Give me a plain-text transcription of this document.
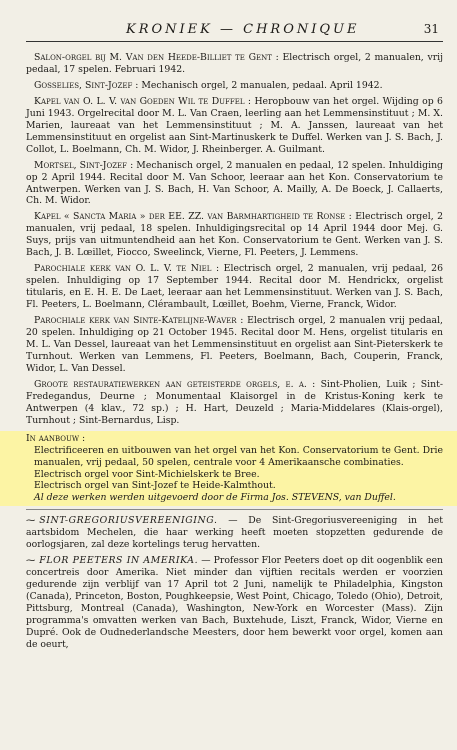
KRONIEK — CHRONIQUE	31

Salon-orgel bij M. Van den Heede-Billiet te Gent : Electrisch orgel, 2 manualen, vrij pedaal, 17 spelen. Februari 1942.

Gosselies, Sint-Jozef : Mechanisch orgel, 2 manualen, pedaal. April 1942.

Kapel van O. L. V. van Goeden Wil te Duffel : Heropbouw van het orgel. Wijding op 6 Juni 1943. Orgelrecital door M. L. Van Craen, leerling aan het Lemmensinstituut ; M. X. Marien, laureaat van het Lemmensinstituut ; M. A. Janssen, laureaat van het Lemmensinstituut en orgelist aan Sint-Martinuskerk te Duffel. Werken van J. S. Bach, J. Collot, L. Boelmann, Ch. M. Widor, J. Rheinberger. A. Guilmant.

Mortsel, Sint-Jozef : Mechanisch orgel, 2 manualen en pedaal, 12 spelen. Inhuldiging op 2 April 1944. Recital door M. Van Schoor, leeraar aan het Kon. Conservatorium te Antwerpen. Werken van J. S. Bach, H. Van Schoor, A. Mailly, A. De Boeck, J. Callaerts, Ch. M. Widor.

Kapel « Sancta Maria » der EE. ZZ. van Barmhartigheid te Ronse : Electrisch orgel, 2 manualen, vrij pedaal, 18 spelen. Inhuldigingsrecital op 14 April 1944 door Mej. G. Suys, prijs van uitmuntendheid aan het Kon. Conservatorium te Gent. Werken van J. S. Bach, J. B. Lœillet, Fiocco, Sweelinck, Vierne, Fl. Peeters, J. Lemmens.

Parochiale kerk van O. L. V. te Niel : Electrisch orgel, 2 manualen, vrij pedaal, 26 spelen. Inhuldiging op 17 September 1944. Recital door M. Hendrickx, orgelist titularis, en E. H. E. De Laet, leeraar aan het Lemmensinstituut. Werken van J. S. Bach, Fl. Peeters, L. Boelmann, Clérambault, Lœillet, Boehm, Vierne, Franck, Widor.

Parochiale kerk van Sinte-Katelijne-Waver : Electrisch orgel, 2 manualen vrij pedaal, 20 spelen. Inhuldiging op 21 October 1945. Recital door M. Hens, orgelist titularis en M. L. Van Dessel, laureaat van het Lemmensinstituut en orgelist aan Sint-Pieterskerk te Turnhout. Werken van Lemmens, Fl. Peeters, Boelmann, Bach, Couperin, Franck, Widor, L. Van Dessel.

Groote restauratiewerken aan geteisterde orgels, e. a. : Sint-Pholien, Luik ; Sint-Fredegandus, Deurne ; Monumentaal Klaisorgel in de Kristus-Koning kerk te Antwerpen (4 klav., 72 sp.) ; H. Hart, Deuzeld ; Maria-Middelares (Klais-orgel), Turnhout ; Sint-Bernardus, Lisp.

In aanbouw :

Electrificeeren en uitbouwen van het orgel van het Kon. Conservatorium te Gent. Drie manualen, vrij pedaal, 50 spelen, centrale voor 4 Amerikaansche combinaties.

Electrisch orgel voor Sint-Michielskerk te Bree.

Electrisch orgel van Sint-Jozef te Heide-Kalmthout.

Al deze werken werden uitgevoerd door de Firma Jos. STEVENS, van Duffel.

⁓ SINT-GREGORIUSVEREENIGING. — De Sint-Gregoriusvereeniging in het aartsbidom Mechelen, die haar werking heeft moeten stopzetten gedurende de oorlogsjaren, zal deze kortelings terug hervatten.

⁓ FLOR PEETERS IN AMERIKA. — Professor Flor Peeters doet op dit oogenblik een concertreis door Amerika. Niet minder dan vijftien recitals werden er voorzien gedurende zijn verblijf van 17 April tot 2 Juni, namelijk te Philadelphia, Kingston (Canada), Princeton, Boston, Poughkeepsie, West Point, Chicago, Toledo (Ohio), Detroit, Pittsburg, Montreal (Canada), Washington, New-York en Worcester (Mass). Zijn programma's omvatten werken van Bach, Buxtehude, Liszt, Franck, Widor, Vierne en Dupré. Ook de Oudnederlandsche Meesters, door hem bewerkt voor orgel, komen aan de oeurt,
